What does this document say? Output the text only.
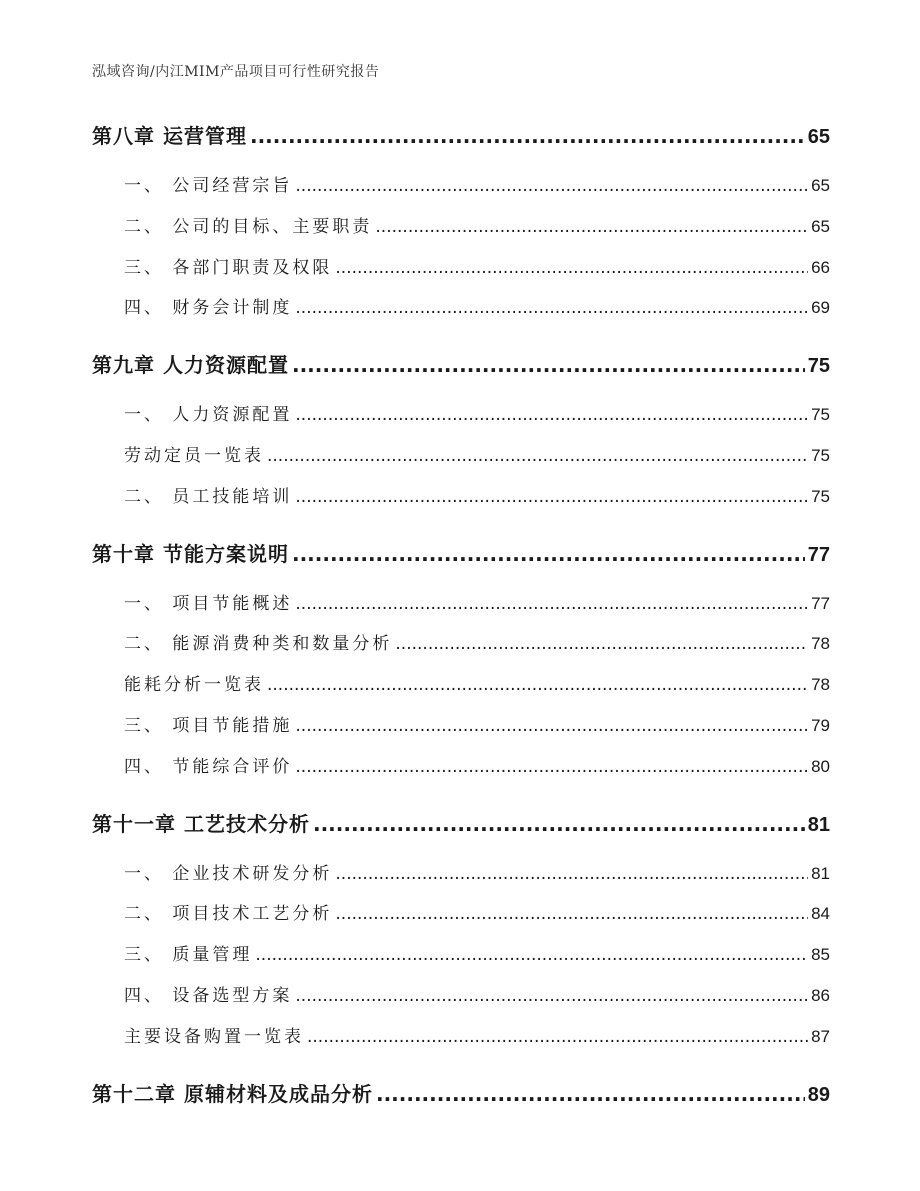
泓域咨询/内江MIM产品项目可行性研究报告
第八章 运营管理 .....	65
一、 公司经营宗旨 .....	65
二、 公司的目标、主要职责 .....	65
三、 各部门职责及权限 .....	66
四、 财务会计制度 .....	69
第九章 人力资源配置 .....	75
一、 人力资源配置 .....	75
劳动定员一览表 .....	75
二、 员工技能培训 .....	75
第十章 节能方案说明 .....	77
一、 项目节能概述 .....	77
二、 能源消费种类和数量分析 .....	78
能耗分析一览表 .....	78
三、 项目节能措施 .....	79
四、 节能综合评价 .....	80
第十一章 工艺技术分析 .....	81
一、 企业技术研发分析 .....	81
二、 项目技术工艺分析 .....	84
三、 质量管理 .....	85
四、 设备选型方案 .....	86
主要设备购置一览表 .....	87
第十二章 原辅材料及成品分析 .....	89
